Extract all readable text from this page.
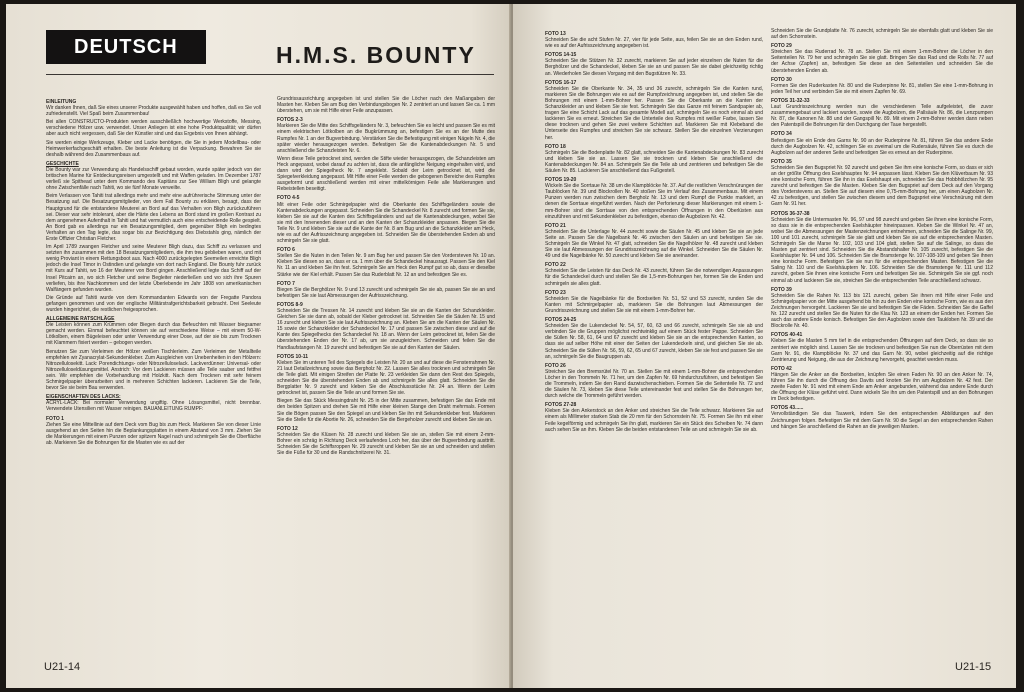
DEUTSCH	H.M.S. BOUNTY
EINLEITUNG

Wir danken Ihnen, daß Sie eines unserer Produkte ausgewählt haben und hoffen, daß es Sie voll zufriedenstellt. Viel Spaß beim Zusammenbau!

Bei allen CONSTRUCTO-Produkten werden ausschließlich hochwertige Werkstoffe, Messing, verschiedene Hölzer usw. verwendet. Unser Anliegen ist eine hohe Produktqualität; wir dürfen aber auch nicht vergessen, daß Sie der Künstler sind und das Ergebnis von Ihnen abhängt.

Sie werden einige Werkzeuge, Kleber und Lacke benötigen, die Sie in jedem Modellbau- oder Heimwerkerfachgeschäft erhalten. Die beste Anleitung ist die Verpackung. Bewahren Sie sie deshalb während des Zusammenbaus auf.

GESCHICHTE

Die Bounty war zur Verwendung als Handelsschiff gebaut worden, wurde später jedoch von der britischen Marine für Entdeckungsreisen umgestellt und mit Waffen geladen. Im Dezember 1787 verließ sie Spithead unter dem Kommando des Kapitäns zur See William Bligh und gelangte ohne Zwischenfälle nach Tahiti, wo sie fünf Monate verweilte.

Beim Verlassen von Tahiti trat allerdings mehr und mehr eine aufrührerische Stimmung unter der Besatzung auf. Die Besatzungsmitglieder, von dem Fall Bounty zu erklären, besagt, dass der Hauptgrund für die entstandene Meuterei an Bord auf das Verhalten von Bligh zurückzuführen sei. Dieser war sehr intolerant, aber die Härte des Lebens an Bord stand im großen Kontrast zu dem angenehmen Aufenthalt in Tahiti und hat vermutlich auch eine entscheidende Rolle gespielt. An Bord gab es allerdings nur ein Besatzungsmitglied, dem gegenüber Bligh ein bedingtes Verhalten an den Tag legte, das sogar bis zur Bezichtigung des Diebstahls ging, nämlich der Erste Offizier Christian Fletcher.

Im April 1789 zwangen Fletcher und seine Meuterer Bligh dazu, das Schiff zu verlassen und setzten ihn zusammen mit den 18 Besatzungsmitgliedern, die ihm treu geblieben waren, und mit wenig Proviant in einem Rettungsboot aus. Nach 4000 zurückgelegten Seemeilen erreichte Bligh jedoch die Insel Timor in Ostindien und gelangte von dort nach England. Die Bounty fuhr zurück mit Kurs auf Tahiti, wo 16 der Meuterer von Bord gingen. Anschließend legte das Schiff auf der Insel Pitcairn an, wo sich Fletcher und seine Begleiter niederließen und wo sich ihre Spuren verliefen, bis ihre Nachkommen und der letzte Überlebende im Jahr 1808 von amerikanischen Walfängern gefunden wurden.

Die Gründe auf Tahiti wurde von dem Kommandanten Edwards von der Fregatte Pandora gefangen genommen und von der englische Militärstrafgerichtsbarkeit gebracht. Drei Seeleute wurden hingerichtet, die restlichen freigesprochen.

ALLGEMEINE RATSCHLÄGE

Die Leisten können zum Krümmen oder Biegen durch das Befeuchten mit Wasser biegsamer gemacht werden. Einmal befeuchtet können sie auf verschiedene Weise – mit einem 50-W-Lötkolben, einem Bügeleisen oder unter Verwendung einer Dose, auf der sie bis zum Trocknen mit Klammern fixiert werden – gebogen werden.

Benutzen Sie zum Verleimen der Hölzer weißen Tischlerleim. Zum Verleimen der Metallteile empfehlen wir Zyanacrylat-Sekundenkleber. Zum Ausgleichen von Unebenheiten in den Hölzern: Nitrozellulosekitt. Lack: Porendichtungs- oder Nitrozelluloselack. Lackverdünner: Universal- oder Nitrozelluloseldüsungsmittel. Anstrich: Vor dem Lackieren müssen alle Teile sauber und fettfrei sein. Wir empfehlen die Vorbehandlung mit Holzkitt. Nach dem Trocknen mit sehr feinem Schmirgelpapier überarbeiten und in mehreren Schichten lackieren. Lackieren Sie die Teile, bevor Sie sie beim Bau verwenden.

EIGENSCHAFTEN DES LACKS:

ACRYL-LACK: Bei normaler Verwendung ungiftig. Ohne Lösungsmittel, nicht brennbar. Verwendete Utensilien mit Wasser reinigen. BAUANLEITUNG RUMPF:

FOTO 1

Ziehen Sie eine Mittellinie auf dem Deck vom Bug bis zum Heck. Markieren Sie von dieser Linie ausgehend an den Seiten hin die Beplankungsplatten in einem Abstand von 3 mm. Ziehen Sie die Markierungen mit einem Punzen oder spitzem Nagel nach und schmirgeln Sie die Oberfläche ab. Markieren Sie die Bohrungen für die Masten wie es auf der

Grundrissausrichtung angegeben ist und stellen Sie die Löcher nach den Maßangaben der Masten her. Kleben Sie am Bug den Verbindungsbogen Nr. 2 zentriert an und lassen Sie ca. 1 mm überstehen, um sie mit Hilfe einer Feile anzupassen.

FOTOS 2-3

Markieren Sie die Mitte des Schiffsgeländers Nr. 3, befeuchten Sie es leicht und passen Sie es mit einem elektrischen Lötkolben an die Bugkrümmung an, befestigen Sie es an der Mutte des Rumpfes Nr. 1 an der Bugverbindung. Verstärken Sie die Befestigung mit einigen Nägeln Nr. 4, die später wieder herausgezogen werden. Befestigen Sie die Kantenabdeckungen Nr. 5 und anschließend die Schanzleisten Nr. 6.

Wenn diese Teile getrocknet sind, werden die Stifte wieder herausgezogen, die Schanzleisten am Heck angepasst, wobei darauf zu achten ist, dass die anfängliche Neigung eingehalten wird, und dann wird der Spiegelheck Nr. 7 angeklebt. Sobald der Leim getrocknet ist, wird die Spiegelverkleidung angepasst. Mit Hilfe einer Feile werden die gebogenen Bereiche des Rumpfes ausgeformt und anschließend werden mit einer mittelkörnigen Feile alle Markierungen und Rebeistellen beseitigt.

FOTO 4-5

Mit einer Feile oder Schmirgelpapier wird die Oberkante des Schiffsgeländers sowie die Kantenabdeckungen angepasst. Schneiden Sie die Schandeckel Nr. 8 zurecht und formen Sie sie, kleben Sie sie auf die Kanten des Schiffsgeländers und auf die Kantenabdeckungen, wobei Sie sie mit den Innenenden dieser und an den Kanten der Schanzkleider anpassen. Biegen Sie die Teile Nr. 9 und kleben Sie sie auf die Kante der Nr. 8 am Bug und an die Schanzkleider am Heck, wie es auf der Aufrisszeichnung angegeben ist. Schneiden Sie die überstehenden Enden ab und schmirgeln Sie sie glatt.

FOTO 6

Stellen Sie die Nuten in den Teilen Nr. 9 am Bug her und passen Sie den Vordersteven Nr. 10 an. Kleben Sie diesen so an, dass er ca. 1 mm über die Schandeckel hinausragt. Passen Sie den Kiel Nr. 11 an und kleben Sie ihn fest. Schmirgeln Sie am Heck den Rumpf gut so ab, dass er dieselbe Stärke wie der Kiel erhält. Passen Sie das Ruderblatt Nr. 12 an und befestigen Sie es.

FOTO 7

Biegen Sie die Berghölzer Nr. 9 und 13 zurecht und schmirgeln Sie sie ab, passen Sie sie an und befestigen Sie sie laut Abmessungen der Aufrisszeichnung.

FOTOS 8-9

Schneiden Sie die Tressen Nr. 14 zurecht und kleben Sie sie an die Kanten der Schanzkleider. Gleichen Sie sie dann ab, sobald der Kleber getrocknet ist. Schneiden Sie die Säulen Nr. 15 und 16 zurecht und kleben Sie sie laut Aufrisszeichnung an. Kleben Sie am die Kanten der Säulen Nr. 15 sowie der Schanzkleider der Schandeckel Nr. 17 und passen Sie zwischen diese und auf die Kante des Spiegelhecks den Schandeckel Nr. 18 an. Wenn der Leim getrocknet ist, feilen Sie die überstehenden Enden der Nr. 17 ab, um sie anzugleichen. Schneiden und feilen Sie die Handlaufstangen Nr. 19 zurecht und befestigen Sie sie auf den Kanten der Säulen.

FOTOS 10-11

Kleben Sie im unteren Teil des Spiegels die Leisten Nr. 20 an und auf diese die Fensterrahmen Nr. 21 laut Detailzeichnung sowie das Bergholz Nr. 22. Lassen Sie alles trocknen und schmirgeln Sie die Teile glatt. Mit einigen Streifen der Platte Nr. 23 verkleiden Sie dann den Rest des Spiegels, schneiden Sie die überstehenden Enden ab und schmirgeln Sie alles glatt. Schneiden Sie die Bergplatter Nr. 9 zurecht und kleben Sie die Abschlussstücke Nr. 24 an. Wenn der Leim getrocknet ist, passen Sie die Teile an und formen Sie sie.

Biegen Sie das Stück Messingdraht Nr. 25 in der Mitte zusammen, befestigen Sie das Ende mit den beiden Spitzen und drehen Sie mit Hilfe einer kleinen Stange den Draht mehrmals. Formen Sie die Bögen passen Sie den Spiegel an und kleben Sie ihn mit Sekundenkleber fest. Markieren Sie die Stelle für die Abortie Nr. 26, schneiden Sie die Bergeholzer zurecht und kleben Sie sie an.

FOTO 12

Schneiden Sie die Klüsen Nr. 28 zurecht und kleben Sie sie an, stellen Sie mit einem 2-mm-Bohrer ein schräg in Richtung Deck verlaufendes Loch her, das über der Bugverbindung austtritt. Schneiden Sie die Schiffsroppen Nr. 29 zurecht und kleben Sie sie an und schneiden und stellen Sie die Füße für 30 und die Randschnitzerei Nr. 31.

U21-14
FOTO 13

Schneiden Sie die acht Stufen Nr. 27, vier für jede Seite, aus, feilen Sie sie an den Enden rund, wie es auf der Aufrisszeichnung angegeben ist.

FOTOS 14-15

Schneiden Sie die Stützen Nr. 32 zurecht, markieren Sie auf jeder einzelnen die Nuten für die Berghölzer und die Schandeckel, kleben Sie sie an und passen Sie sie dabei gleichzeitig richtig an. Wiederholen Sie diesen Vorgang mit den Bugstützen Nr. 33.

FOTOS 16-17

Schneiden Sie die Oberkante Nr. 34, 35 und 36 zurecht, schmirgeln Sie die Kanten rund, markieren Sie die Bohrungen wie es auf der Rumpfzeichnung angegeben ist, und stellen Sie die Bohrungen mit einem 1-mm-Bohrer her. Passen Sie die Oberkante an die Kanten der Schanzkleider an und kleben Sie sie fest. Schmirgeln Sie das Ganze mit feinem Sandpapier ab, tragen Sie eine Schicht Lack auf das gesamte Modell auf, schmirgeln Sie es noch einmal ab und lackieren Sie es erneut. Streichen Sie die Unterteile des Rumpfes mit weißer Farbe, lassen Sie diese trocknen und gehen Sie zwei weitere Schichten auf. Markieren Sie mit Klebeband die Unterseite des Rumpfes und streichen Sie sie schwarz. Stellen Sie die einzelnen Verzierungen her.

FOTO 18

Schmirgeln Sie die Bodenplatte Nr. 82 glatt, schneiden Sie die Kantenabdeckungen Nr. 83 zurecht und kleben Sie sie an. Lassen Sie sie trocknen und kleben Sie anschließend die Kantenabdeckungen Nr. 84 an. Schmirgeln Sie die Teile ab und zentrieren und befestigen Sie die Säulen Nr. 85. Lackieren Sie anschließend das Fußgestell.

FOTOS 19-20

Wickeln Sie die Sorrtaue Nr. 38 um die Klampblöcke Nr. 37. Auf die restlichen Verschnürungen der Taublöcken Nr. 39 und Blockrollen Nr. 40 stoßen Sie im Verlauf des Zusammenbaus. Mit einem Punzen werden nun zwischen dem Bergholz Nr. 13 und dem Rumpf die Punkte markiert, an denen die Sorrtaue eingeführt werden. Nach der Perforierung dieser Markierungen mit einem 1-mm-Bohrer sind die Sorrtaue von den entsprechenden Öffnungen in den Oberlüsten aus einzuführen und mit Sekundenkleber zu befestigen, ebenso die Augbolzen Nr. 42.

FOTO 21

Schneiden Sie die Unterlage Nr. 44 zurecht sowie die Säulen Nr. 45 und kleben Sie sie an jede Seite an. Passen Sie die Nagelbank Nr. 46 zwischen den Säulen an und befestigen Sie sie. Schmirgeln Sie die Winkel Nr. 47 glatt, schneiden Sie die Nagelhölzer Nr. 48 zurecht und kleben Sie sie laut Abmessungen der Grundrisszeichnung auf die Winkel. Schneiden Sie die Säulen Nr. 49 und die Nagelbänke Nr. 50 zurecht und kleben Sie sie aneinander.

FOTO 22

Schneiden Sie die Leisten für das Deck Nr. 43 zurecht, führen Sie die notwendigen Anpassungen für die Schandeckel durch und stellen Sie die 1,5-mm-Bohrungen her, formen Sie die Enden und schmirgeln sie alles glatt.

FOTO 23

Schneiden Sie die Nagelbänke für die Bordseiten Nr. 51, 52 und 53 zurecht, runden Sie die Kanten mit Schmirgelpapier ab, markieren Sie die Bohrungen laut Abmessungen der Grundrisszeichnung und stellen Sie sie mit einem 1-mm-Bohrer her.

FOTOS 24-25

Schneiden Sie die Lukendeckel Nr. 54, 57, 60, 63 und 66 zurecht, schmirgeln Sie sie ab und verbinden Sie die Gruppen möglichst rechtwinklig auf einem Stück fester Pappe. Schneiden Sie die Süllen Nr. 58, 61, 64 und 67 zurecht und kleben Sie sie an die entsprechenden Kanten, so dass sie auf selber Höhe mit einer der Seiten der Lukendeckeln sind, und gleichen Sie sie ab. Schneiden Sie die Süllen Nr. 56, 59, 62, 65 und 67 zurecht, kleben Sie sie fest und passen Sie sie an, schmirgeln Sie die Baugruppen ab.

FOTO 26

Streichen Sie den Bremsrütel Nr. 70 an. Stellen Sie mit einem 1-mm-Bohrer die entsprechenden Löcher in den Trommeln Nr. 71 her, um den Zapfen Nr. 69 hindurchzuführen, und befestigen Sie die Trommeln, indem Sie den Rand dazwischenschieben. Formen Sie die Seitenteile Nr. 72 und die Säulen Nr. 73, kleben Sie diese Teile untereinander fest und stellen Sie die Bohrungen her, durch welche die Trommeln geführt werden.

FOTOS 27-28

Kleben Sie den Ankerstock an den Anker und streichen Sie die Teile schwarz. Markieren Sie auf einem als Millimeter starken Stab die 20 mm für den Schornstein Nr. 75. Formen Sie ihn mit einer Feile kegelförmig und schmirgeln Sie ihn glatt, markieren Sie ein Stück des Scheiben Nr. 74 dann auch sehen Sie an ihm. Kleben Sie die beiden entstandenen Teile an und schmirgeln Sie sie ab.

Schneiden Sie die Grundplatte Nr. 76 zurecht, schmirgeln Sie sie ebenfalls glatt und kleben Sie sie auf den Schornstein.

FOTO 29

Streichen Sie das Ruderrad Nr. 78 an. Stellen Sie mit einem 1-mm-Bohrer die Löcher in den Seitenteilen Nr. 79 her und schmirgeln Sie sie glatt. Bringen Sie das Rad und die Rolls Nr. 77 auf der Achse (Zapfen) an, befestigen Sie diese an den Seitenteilen und schneiden Sie die überstehenden Enden ab.

FOTO 30

Formen Sie den Ruderkasten Nr. 80 und die Ruderpinne Nr. 81, stellen Sie eine 1-mm-Bohrung in jeden Teil her und verbinden Sie sie mit einem Zapfen Nr. 69.

FOTOS 31-32-33

Laut Grundrisszeichnung werden nun die verschiedenen Teile aufgeleistet, die zuvor zusammengebaut und lackiert wurden, sowie die Augbolzen, die Pallsäule Nr. 86, die Lenzpumpen Nr. 87, die Kanonen Nr. 88 und der Gangspill Nr. 89. Mit einem 2-mm-Bohrer werden dann neben den Patentspill die Bohrungen für den Durchgang der Taue hergestellt.

FOTO 34

Befestigen Sie ein Ende des Garns Nr. 90 an der Ruderpinne Nr. 81, führen Sie das andere Ende durch die Augbolzen Nr. 42, schlingen Sie es zweimal um die Rudersäule, führen Sie es durch die Augbolzen auf der anderen Seite und befestigen Sie es erneut an der Ruderpinne.

FOTO 35

Schneiden Sie den Bugspriet Nr. 92 zurecht und geben Sie ihm eine konische Form, so dass er sich an der größte Öffnung des Eselshauptes Nr. 94 anpassen lässt. Kleben Sie den Klüverbaum Nr. 93 eine konische Form, führen Sie ihn in das Eselshaupt ein, schneiden Sie das Hobbhölzchen Nr. 95 zurecht und befestigen Sie die Masten. Kleben Sie den Bugspriet auf dem Deck auf den Vorgang des Vorderstevens an. Stellen Sie auf diesem eine 0,75-mm-Bohrung her, um einen Augbolzen Nr. 42 zu befestigen, und stellen Sie zwischen diesem und dem Bugspriet eine Verschnürung mit dem Garn Nr. 91 her.

FOTOS 36-37-38

Schneiden Sie die Untermasten Nr. 96, 97 und 98 zurecht und geben Sie ihnen eine konische Form, so dass sie in die entsprechenden Eselshäupter hineinpassen. Kleben Sie die Winkel Nr. 47 an, wobei Sie die Abmessungen der Mastenzeichnungen entnehmen, schneiden Sie die Salinge Nr. 99, 100 und 101 zurecht, schmirgeln Sie sie glatt und kleben Sie sie auf die entsprechenden Masten. Schmirgeln Sie die Marse Nr. 102, 103 und 104 glatt, stellen Sie auf die Salinge, so dass die Masten gut zentriert sind. Schneiden Sie die Abstandshalter Nr. 105 zurecht, befestigen Sie die Eselshäupter Nr. 94 und 106. Schneiden Sie die Bramstenge Nr. 107-108-109 und geben Sie ihnen eine konische Form. Befestigen Sie sie nun für die entsprechenden Masten. Befestigen Sie die Saling Nr. 110 und die Eselshäuptern Nr. 106. Schneiden Sie die Bramstenge Nr. 111 und 112 zurecht, geben Sie ihnen eine konische Form und befestigen Sie sie. Schmirgeln Sie sie ggf. noch einmal ab und lackieren Sie sie, streichen Sie die entsprechenden Teile anschließend schwarz.

FOTO 39

Schneiden Sie die Rahen Nr. 113 bis 121 zurecht, geben Sie ihnen mit Hilfe einer Feile und Schmirgelpapier von der Mitte ausgehend bis hin zu den Enden eine konische Form, wie es aus den Zeichnungen hervorgeht. Lackieren Sie sie und befestigen Sie die Fäden. Schneiden Sie die Gaffel Nr. 122 zurecht und stellen Sie die Nuten für die Klau Nr. 123 an einem der Enden her. Formen Sie auch das andere Ende konisch. Befestigen Sie den Augbolzen sowie den Taukloben Nr. 39 und die Blockrolle Nr. 40.

FOTOS 40-41

Kleben Sie die Masten 5 mm tief in die entsprechenden Öffnungen auf dem Deck, so dass sie so zentriert wie möglich sind. Lassen Sie sie trocknen und befestigen Sie nun die Oberrüsten mit dem Garn Nr. 91, die Klampblöcke Nr. 37 und das Garn Nr. 90, wobei gleichzeitig auf die richtige Zentrierung und Neigung, die aus der Zeichnung hervorgeht, geachtet werden muss.

FOTO 42

Hängen Sie die Anker an die Bordseiten, knüpfen Sie einen Faden Nr. 90 an den Anker Nr. 74, führen Sie ihn durch die Öffnung des Davits und knoten Sie ihn am Augbolzen Nr. 42 fest. Der zweite Faden Nr. 91 wird mit einem Ende am Anker angebunden, während das andere Ende durch die Öffnung der Klüse geführt wird. Dann wickeln Sie ihn um den Patentspill und an den Bohrungen im Deck befestigen.

FOTOS 43......

Vervollständigen Sie das Tauwerk, indem Sie den entsprechenden Abbildungen auf den Zeichnungen folgen. Befestigen Sie mit dem Garn Nr. 90 die Segel an den entsprechenden Rahen und hängen Sie anschließend die Rahen an die jeweiligen Masten.

U21-15
